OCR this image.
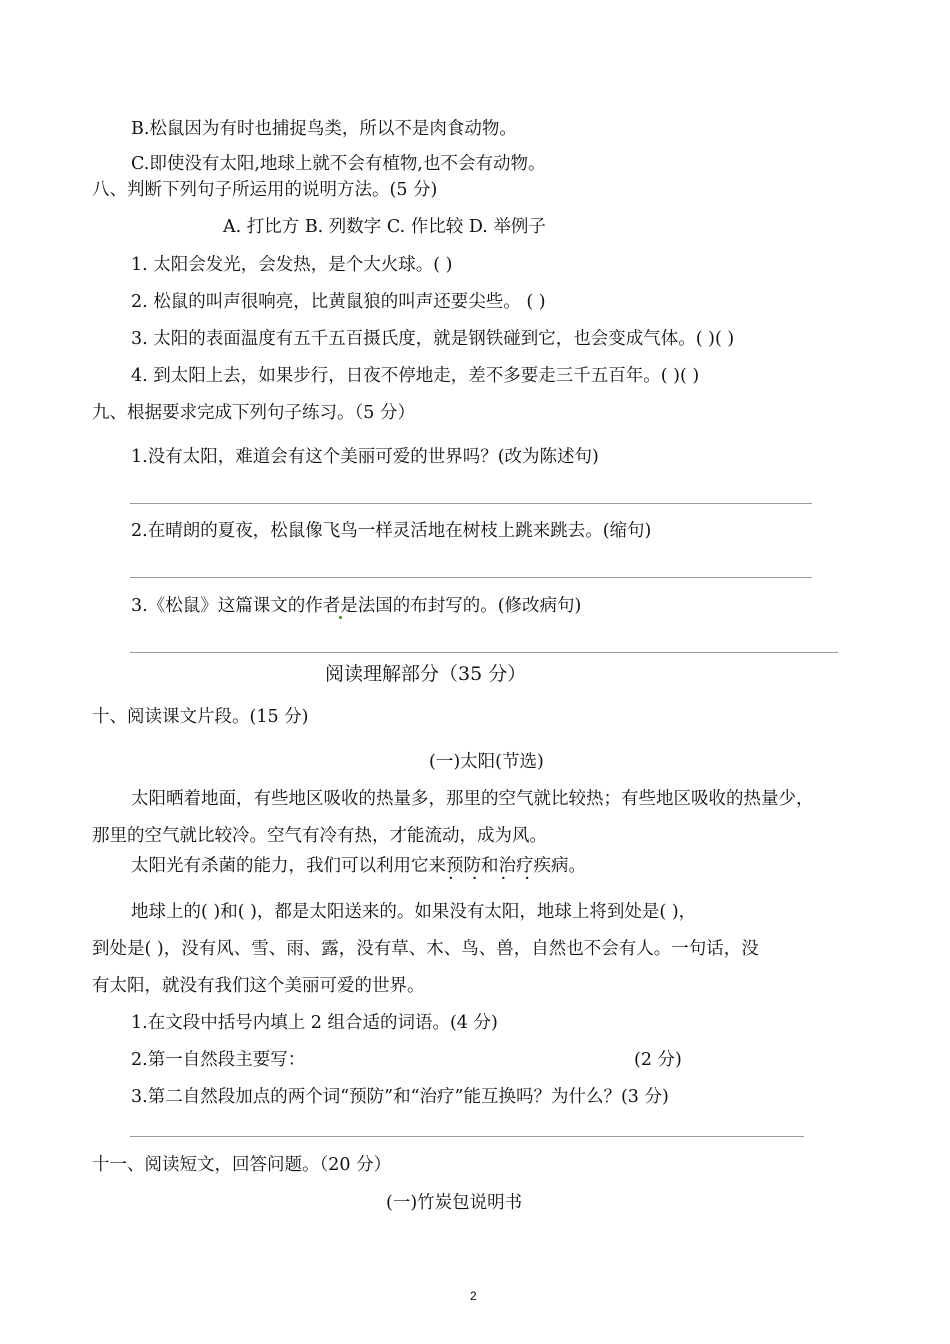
B.松鼠因为有时也捕捉鸟类，所以不是肉食动物。
C.即使没有太阳,地球上就不会有植物,也不会有动物。
八、判断下列句子所运用的说明方法。(5 分)
A. 打比方 B. 列数字 C. 作比较 D. 举例子
1. 太阳会发光，会发热，是个大火球。( )
2. 松鼠的叫声很响亮，比黄鼠狼的叫声还要尖些。 ( )
3. 太阳的表面温度有五千五百摄氏度，就是钢铁碰到它，也会变成气体。( )( )
4. 到太阳上去，如果步行，日夜不停地走，差不多要走三千五百年。( )( )
九、根据要求完成下列句子练习。（5 分）
1.没有太阳，难道会有这个美丽可爱的世界吗？(改为陈述句)
2.在晴朗的夏夜，松鼠像飞鸟一样灵活地在树枝上跳来跳去。(缩句)
3.《松鼠》这篇课文的作者是法国的布封写的。(修改病句)
阅读理解部分（35 分）
十、阅读课文片段。(15 分)
(一)太阳(节选)
太阳晒着地面，有些地区吸收的热量多，那里的空气就比较热；有些地区吸收的热量少，
那里的空气就比较冷。空气有冷有热，才能流动，成为风。
太阳光有杀菌的能力，我们可以利用它来预防 · ·和治疗 · ·疾病。
地球上的( )和( )，都是太阳送来的。如果没有太阳，地球上将到处是( )，
到处是( )，没有风、雪、雨、露，没有草、木、鸟、兽，自然也不会有人。一句话，没
有太阳，就没有我们这个美丽可爱的世界。
1.在文段中括号内填上 2 组合适的词语。(4 分)
2.第一自然段主要写：	(2 分)
3.第二自然段加点的两个词“预防”和“治疗”能互换吗？为什么？(3 分)
十一、阅读短文，回答问题。（20 分）
(一)竹炭包说明书
2
